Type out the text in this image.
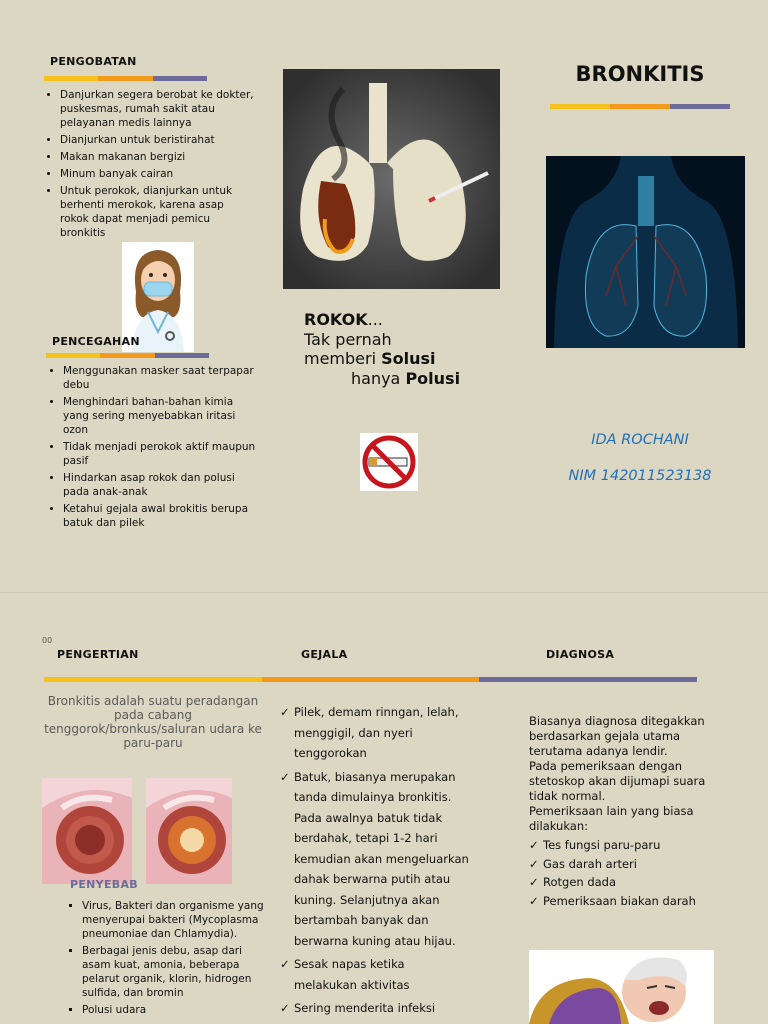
PENGOBATAN
• Danjurkan segera berobat ke dokter, puskesmas, rumah sakit atau pelayanan medis lainnya
• Dianjurkan untuk beristirahat
• Makan makanan bergizi
• Minum banyak cairan
• Untuk perokok, dianjurkan untuk berhenti merokok, karena asap rokok dapat menjadi pemicu bronkitis
PENCEGAHAN
• Menggunakan masker saat terpapar debu
• Menghindari bahan-bahan kimia yang sering menyebabkan iritasi ozon
• Tidak menjadi perokok aktif maupun pasif
• Hindarkan asap rokok dan polusi pada anak-anak
• Ketahui gejala awal brokitis berupa batuk dan pilek
ROKOK...
Tak pernah
memberi Solusi
hanya Polusi
BRONKITIS
IDA ROCHANI
NIM 142011523138
00
PENGERTIAN	GEJALA	DIAGNOSA
Bronkitis adalah suatu peradangan pada cabang tenggorok/bronkus/saluran udara ke paru-paru
PENYEBAB
▪ Virus, Bakteri dan organisme yang menyerupai bakteri (Mycoplasma pneumoniae dan Chlamydia).
▪ Berbagai jenis debu, asap dari asam kuat, amonia, beberapa pelarut organik, klorin, hidrogen sulfida, dan bromin
▪ Polusi udara
✓ Pilek, demam rinngan, lelah, menggigil, dan nyeri tenggorokan
✓ Batuk, biasanya merupakan tanda dimulainya bronkitis. Pada awalnya batuk tidak berdahak, tetapi 1-2 hari kemudian akan mengeluarkan dahak berwarna putih atau kuning. Selanjutnya akan bertambah banyak dan berwarna kuning atau hijau.
✓ Sesak napas ketika melakukan aktivitas
✓ Sering menderita infeksi
Biasanya diagnosa ditegakkan berdasarkan gejala utama terutama adanya lendir.
Pada pemeriksaan dengan stetoskop akan dijumapi suara tidak normal.
Pemeriksaan lain yang biasa dilakukan:
✓ Tes fungsi paru-paru
✓ Gas darah arteri
✓ Rotgen dada
✓ Pemeriksaan biakan darah
